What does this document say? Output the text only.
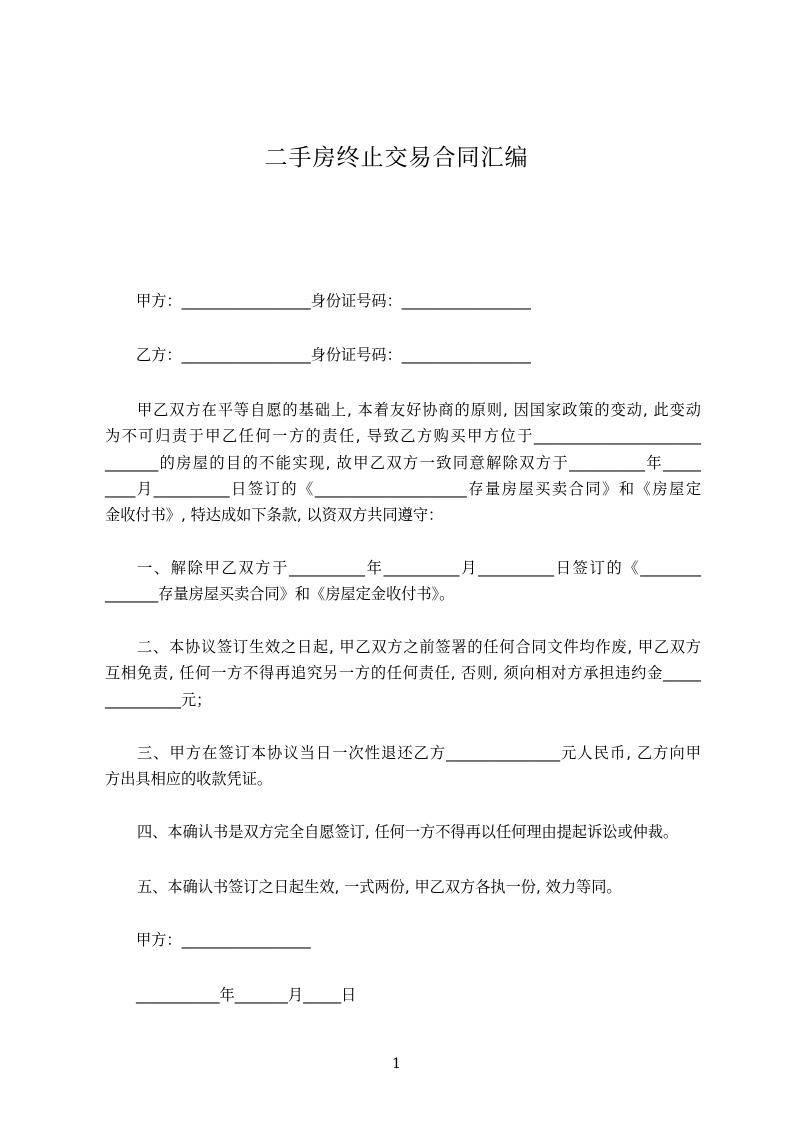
二手房终止交易合同汇编
甲方：_________________身份证号码：_________________
乙方：_________________身份证号码：_________________
甲乙双方在平等自愿的基础上, 本着友好协商的原则, 因国家政策的变动, 此变动
为不可归责于甲乙任何一方的责任, 导致乙方购买甲方位于______________________
_______的房屋的目的不能实现, 故甲乙双方一致同意解除双方于__________年_____
____月__________日签订的《____________________存量房屋买卖合同》和《房屋定
金收付书》, 特达成如下条款, 以资双方共同遵守：
一、解除甲乙双方于__________年__________月__________日签订的《________
_______存量房屋买卖合同》和《房屋定金收付书》。
二、本协议签订生效之日起, 甲乙双方之前签署的任何合同文件均作废, 甲乙双方
互相免责, 任何一方不得再追究另一方的任何责任, 否则, 须向相对方承担违约金_____
__________元；
三、甲方在签订本协议当日一次性退还乙方_______________元人民币, 乙方向甲
方出具相应的收款凭证。
四、本确认书是双方完全自愿签订, 任何一方不得再以任何理由提起诉讼或仲裁。
五、本确认书签订之日起生效, 一式两份, 甲乙双方各执一份, 效力等同。
甲方：_________________
___________年_______月_____日
1
